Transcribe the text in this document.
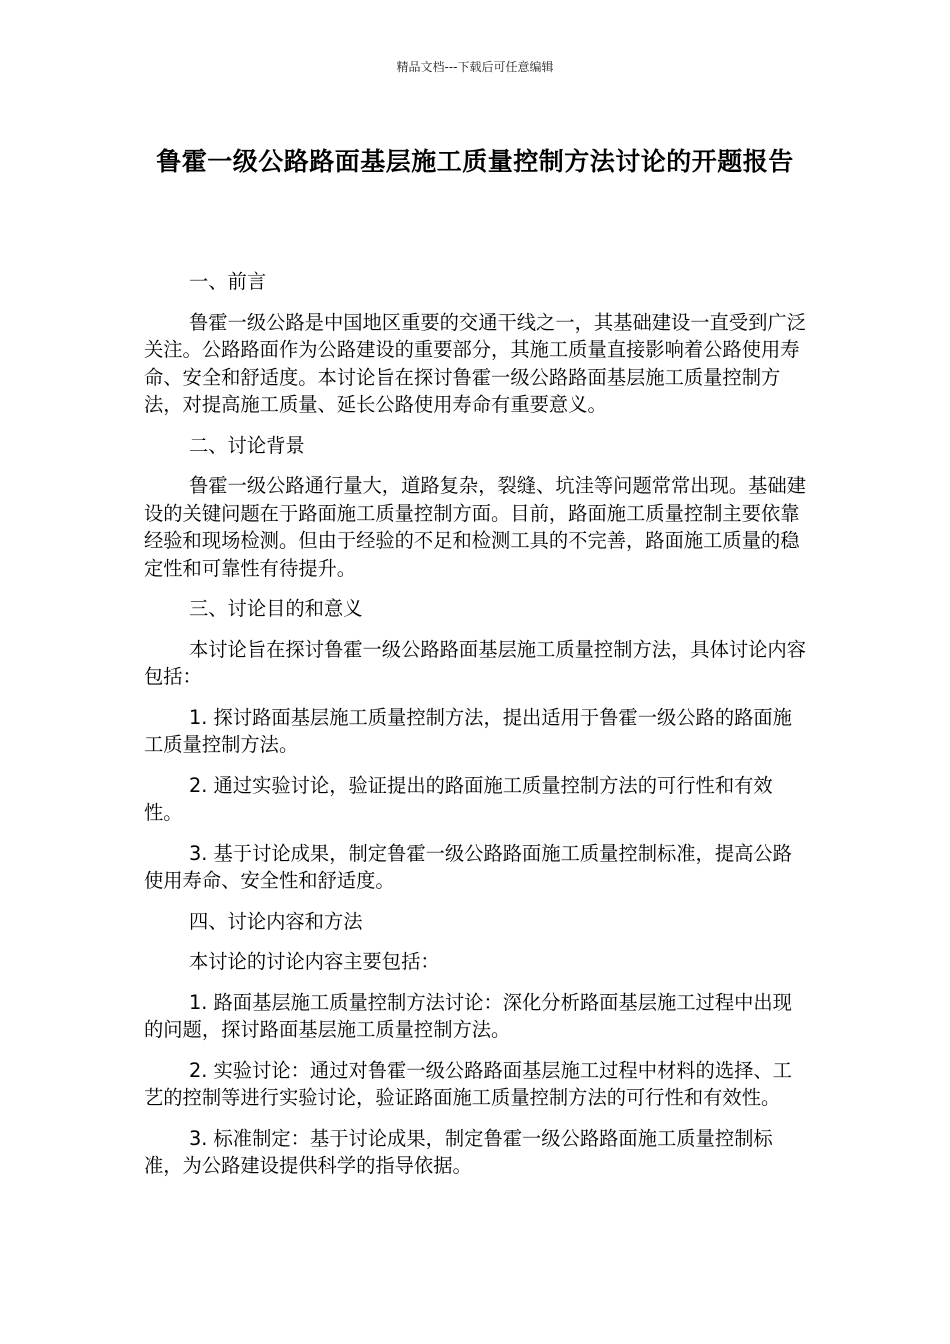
精品文档---下载后可任意编辑
鲁霍一级公路路面基层施工质量控制方法讨论的开题报告

一、前言

鲁霍一级公路是中国地区重要的交通干线之一，其基础建设一直受到广泛关注。公路路面作为公路建设的重要部分，其施工质量直接影响着公路使用寿命、安全和舒适度。本讨论旨在探讨鲁霍一级公路路面基层施工质量控制方法，对提高施工质量、延长公路使用寿命有重要意义。

二、讨论背景

鲁霍一级公路通行量大，道路复杂，裂缝、坑洼等问题常常出现。基础建设的关键问题在于路面施工质量控制方面。目前，路面施工质量控制主要依靠经验和现场检测。但由于经验的不足和检测工具的不完善，路面施工质量的稳定性和可靠性有待提升。

三、讨论目的和意义

本讨论旨在探讨鲁霍一级公路路面基层施工质量控制方法，具体讨论内容包括：

1. 探讨路面基层施工质量控制方法，提出适用于鲁霍一级公路的路面施工质量控制方法。

2. 通过实验讨论，验证提出的路面施工质量控制方法的可行性和有效性。

3. 基于讨论成果，制定鲁霍一级公路路面施工质量控制标准，提高公路使用寿命、安全性和舒适度。

四、讨论内容和方法

本讨论的讨论内容主要包括：

1. 路面基层施工质量控制方法讨论：深化分析路面基层施工过程中出现的问题，探讨路面基层施工质量控制方法。

2. 实验讨论：通过对鲁霍一级公路路面基层施工过程中材料的选择、工艺的控制等进行实验讨论，验证路面施工质量控制方法的可行性和有效性。

3. 标准制定：基于讨论成果，制定鲁霍一级公路路面施工质量控制标准，为公路建设提供科学的指导依据。
